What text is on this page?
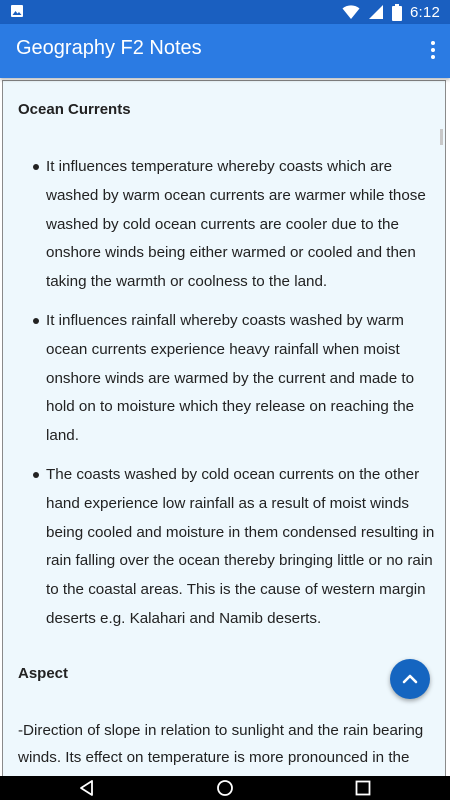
6:12
Geography F2 Notes
Ocean Currents
It influences temperature whereby coasts which are washed by warm ocean currents are warmer while those washed by cold ocean currents are cooler due to the onshore winds being either warmed or cooled and then taking the warmth or coolness to the land.
It influences rainfall whereby coasts washed by warm ocean currents experience heavy rainfall when moist onshore winds are warmed by the current and made to hold on to moisture which they release on reaching the land.
The coasts washed by cold ocean currents on the other hand experience low rainfall as a result of moist winds being cooled and moisture in them condensed resulting in rain falling over the ocean thereby bringing little or no rain to the coastal areas. This is the cause of western margin deserts e.g. Kalahari and Namib deserts.
Aspect
-Direction of slope in relation to sunlight and the rain bearing winds. Its effect on temperature is more pronounced in the
